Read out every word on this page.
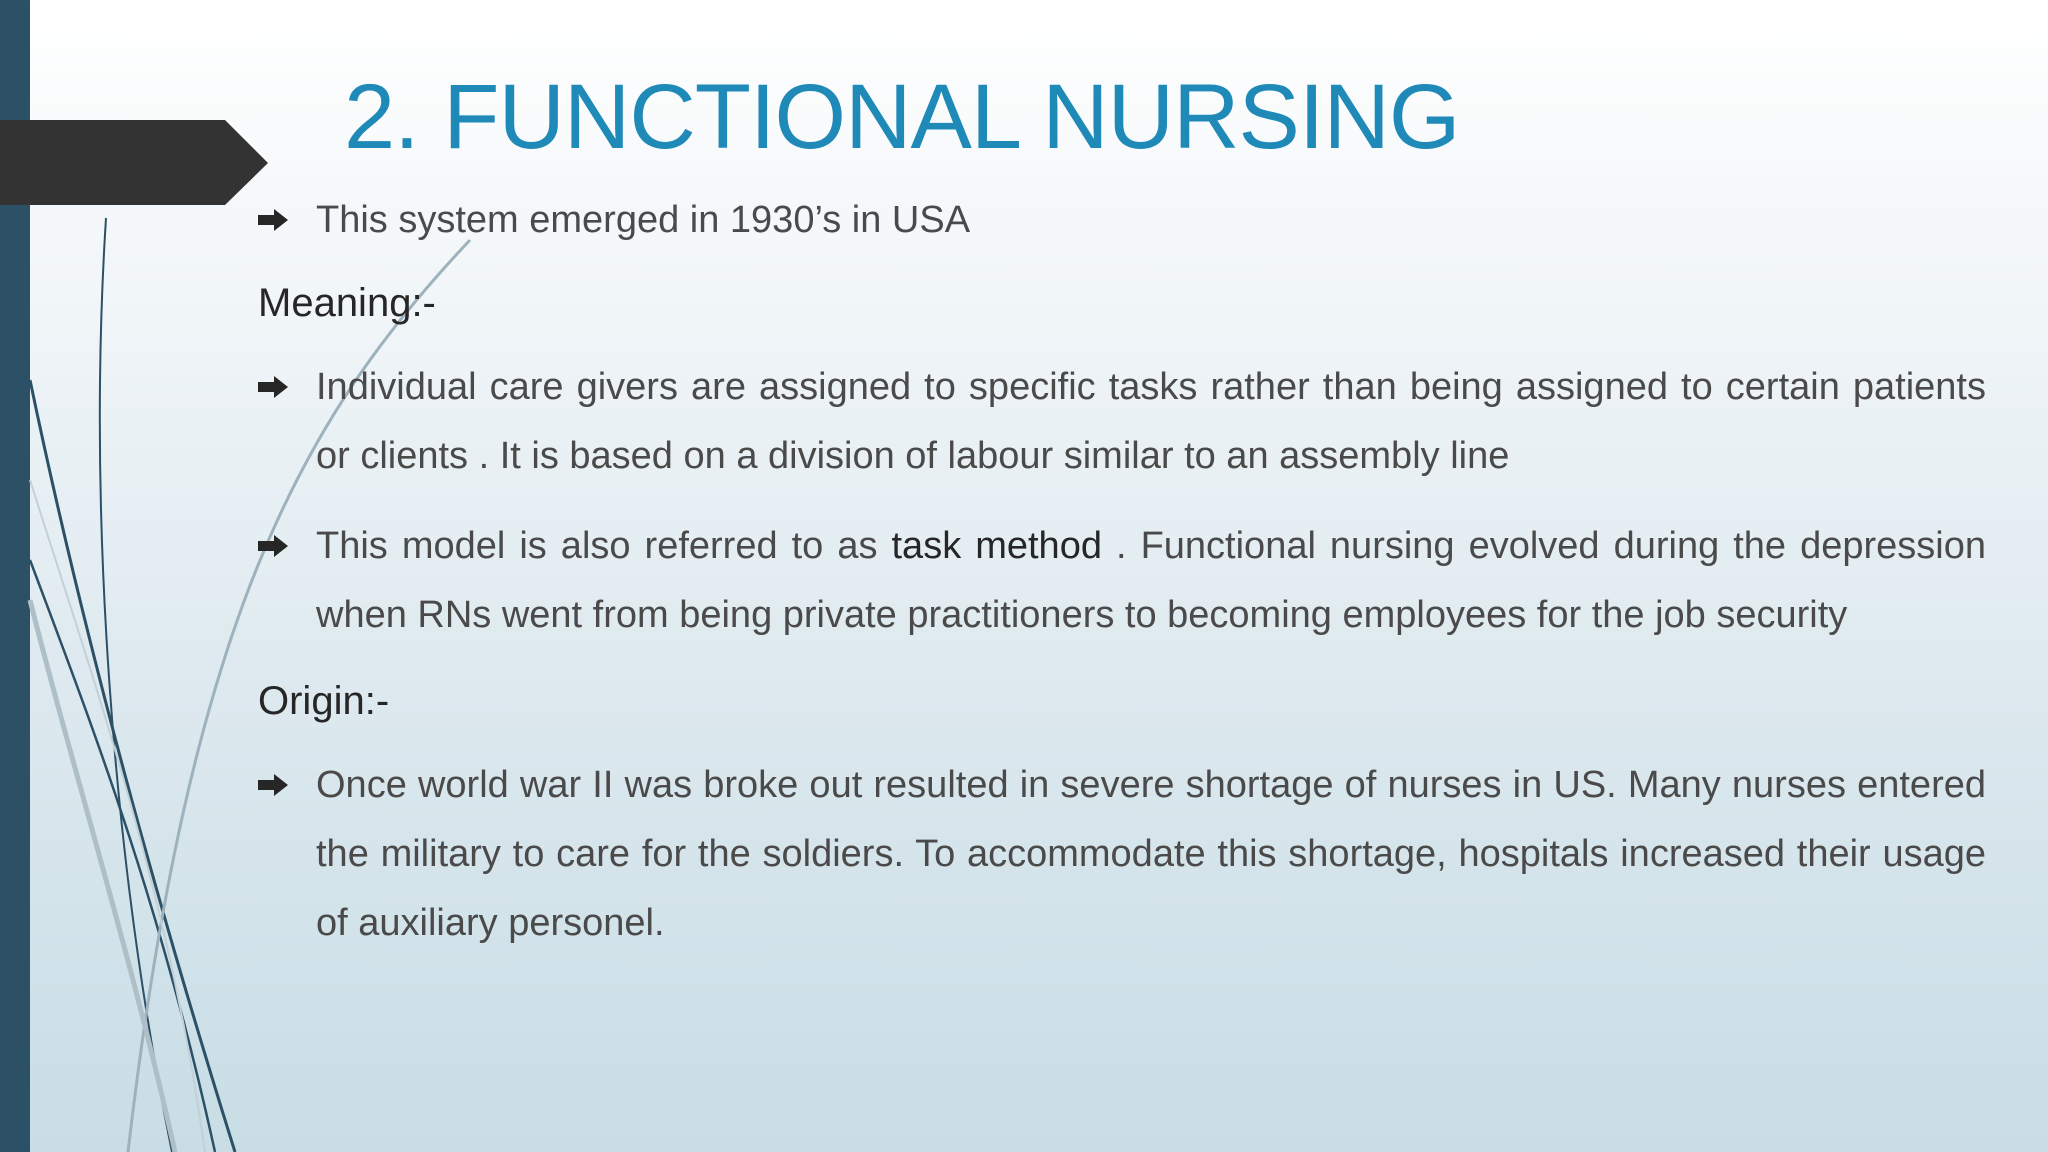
2. FUNCTIONAL NURSING

This system emerged in 1930’s in USA

Meaning:-

Individual care givers are assigned to specific tasks rather than being assigned to certain patients or clients . It is based on a division of labour similar to an assembly line

This model is also referred to as task method . Functional nursing evolved during the depression when RNs went from being private practitioners to becoming employees for the job security

Origin:-

Once world war II was broke out resulted in severe shortage of nurses in US. Many nurses entered the military to care for the soldiers. To accommodate this shortage, hospitals increased their usage of auxiliary personel.
